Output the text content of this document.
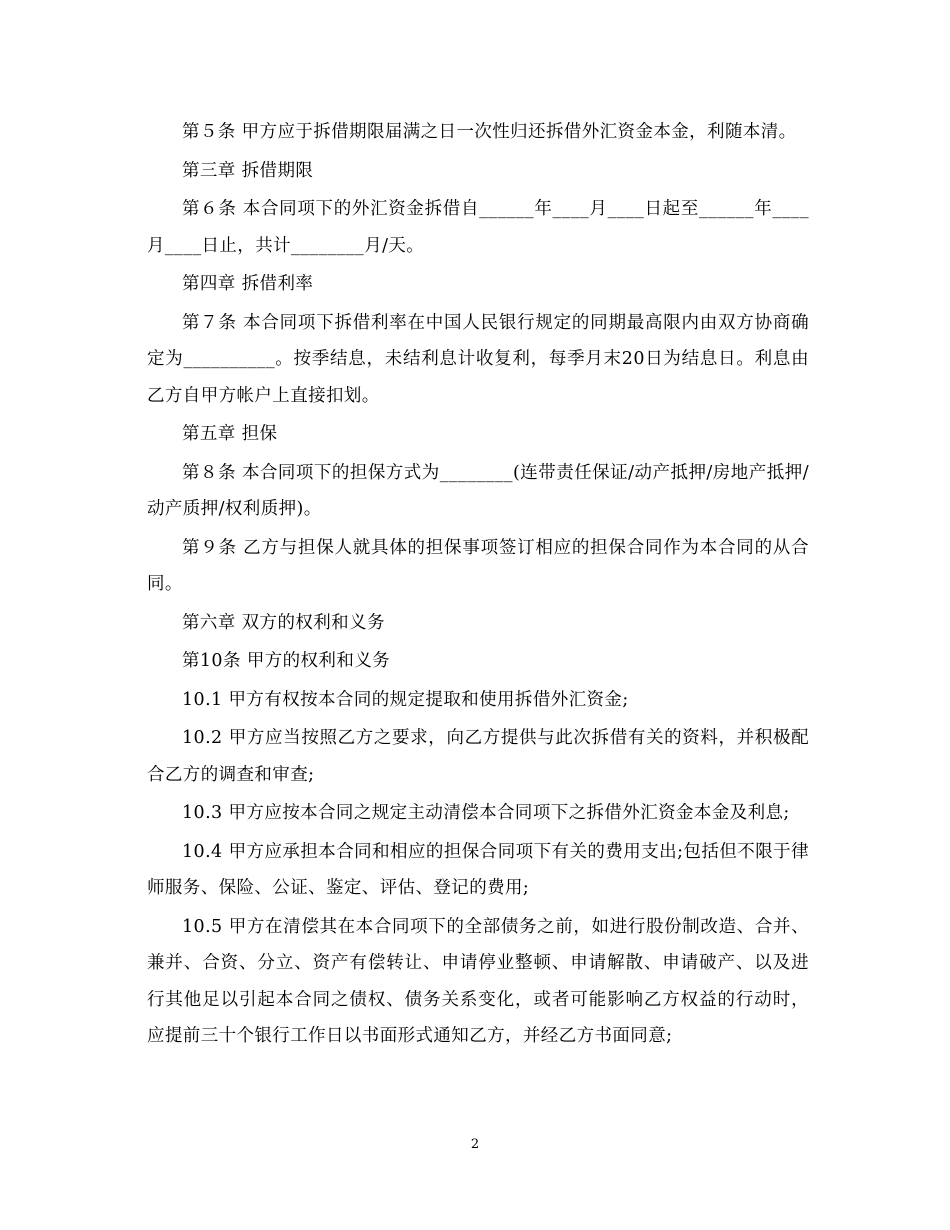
第５条 甲方应于拆借期限届满之日一次性归还拆借外汇资金本金，利随本清。

第三章 拆借期限

第６条 本合同项下的外汇资金拆借自______年____月____日起至______年____月____日止，共计________月/天。

第四章 拆借利率

第７条 本合同项下拆借利率在中国人民银行规定的同期最高限内由双方协商确定为__________。按季结息，未结利息计收复利，每季月末20日为结息日。利息由乙方自甲方帐户上直接扣划。

第五章 担保

第８条 本合同项下的担保方式为________(连带责任保证/动产抵押/房地产抵押/动产质押/权利质押)。

第９条 乙方与担保人就具体的担保事项签订相应的担保合同作为本合同的从合同。

第六章 双方的权利和义务

第10条 甲方的权利和义务

10.1 甲方有权按本合同的规定提取和使用拆借外汇资金;

10.2 甲方应当按照乙方之要求，向乙方提供与此次拆借有关的资料，并积极配合乙方的调查和审查;

10.3 甲方应按本合同之规定主动清偿本合同项下之拆借外汇资金本金及利息;

10.4 甲方应承担本合同和相应的担保合同项下有关的费用支出;包括但不限于律师服务、保险、公证、鉴定、评估、登记的费用;

10.5 甲方在清偿其在本合同项下的全部债务之前，如进行股份制改造、合并、兼并、合资、分立、资产有偿转让、申请停业整顿、申请解散、申请破产、以及进行其他足以引起本合同之债权、债务关系变化，或者可能影响乙方权益的行动时，应提前三十个银行工作日以书面形式通知乙方，并经乙方书面同意;

2
